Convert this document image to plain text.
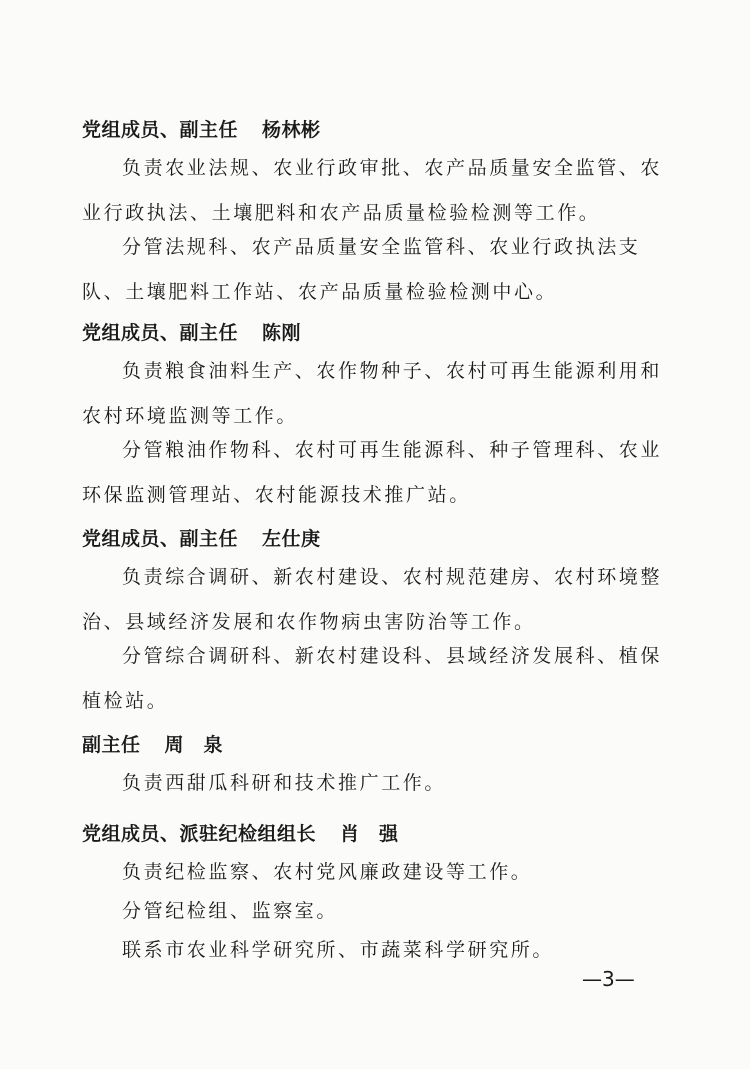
党组成员、副主任 杨林彬

负责农业法规、农业行政审批、农产品质量安全监管、农业行政执法、土壤肥料和农产品质量检验检测等工作。

分管法规科、农产品质量安全监管科、农业行政执法支队、土壤肥料工作站、农产品质量检验检测中心。

党组成员、副主任 陈刚

负责粮食油料生产、农作物种子、农村可再生能源利用和农村环境监测等工作。

分管粮油作物科、农村可再生能源科、种子管理科、农业环保监测管理站、农村能源技术推广站。

党组成员、副主任 左仕庚

负责综合调研、新农村建设、农村规范建房、农村环境整治、县域经济发展和农作物病虫害防治等工作。

分管综合调研科、新农村建设科、县域经济发展科、植保植检站。

副主任 周　泉

负责西甜瓜科研和技术推广工作。

党组成员、派驻纪检组组长 肖　强

负责纪检监察、农村党风廉政建设等工作。

分管纪检组、监察室。

联系市农业科学研究所、市蔬菜科学研究所。

—3—
